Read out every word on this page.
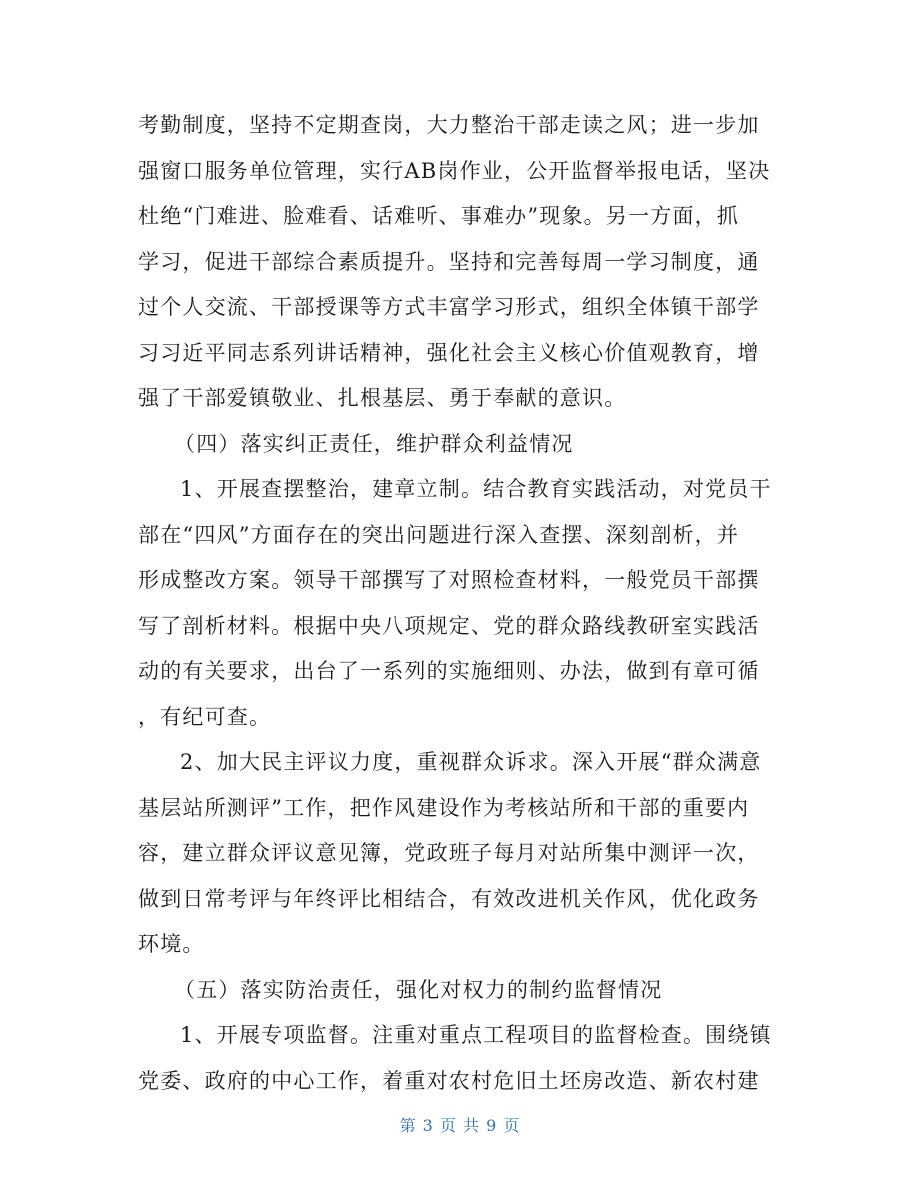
考勤制度，坚持不定期查岗，大力整治干部走读之风；进一步加
强窗口服务单位管理，实行AB岗作业，公开监督举报电话，坚决
杜绝“门难进、脸难看、话难听、事难办”现象。另一方面，抓
学习，促进干部综合素质提升。坚持和完善每周一学习制度，通
过个人交流、干部授课等方式丰富学习形式，组织全体镇干部学
习习近平同志系列讲话精神，强化社会主义核心价值观教育，增
强了干部爱镇敬业、扎根基层、勇于奉献的意识。
（四）落实纠正责任，维护群众利益情况
1、开展查摆整治，建章立制。结合教育实践活动，对党员干
部在“四风”方面存在的突出问题进行深入查摆、深刻剖析，并
形成整改方案。领导干部撰写了对照检查材料，一般党员干部撰
写了剖析材料。根据中央八项规定、党的群众路线教研室实践活
动的有关要求，出台了一系列的实施细则、办法，做到有章可循
，有纪可查。
2、加大民主评议力度，重视群众诉求。深入开展“群众满意
基层站所测评”工作，把作风建设作为考核站所和干部的重要内
容，建立群众评议意见簿，党政班子每月对站所集中测评一次，
做到日常考评与年终评比相结合，有效改进机关作风，优化政务
环境。
（五）落实防治责任，强化对权力的制约监督情况
1、开展专项监督。注重对重点工程项目的监督检查。围绕镇
党委、政府的中心工作，着重对农村危旧土坯房改造、新农村建
第 3 页 共 9 页
